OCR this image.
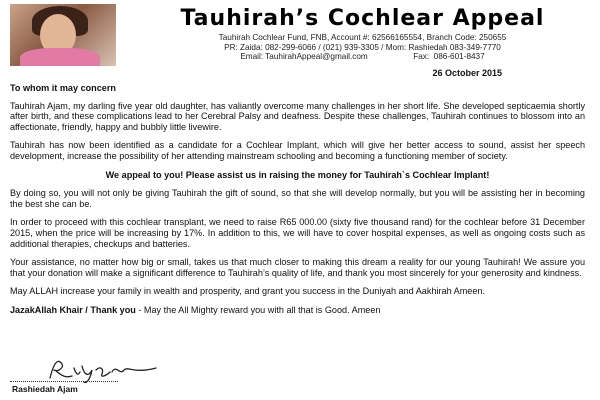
Tauhirah’s Cochlear Appeal
Tauhirah Cochlear Fund, FNB, Account #: 62566165554, Branch Code: 250655
PR: Zaida: 082-299-6066 / (021) 939-3305 / Mom: Rashiedah 083-349-7770
Email: TauhirahAppeal@gmail.com                    Fax:  086-601-8437
26 October 2015

To whom it may concern

Tauhirah Ajam, my darling five year old daughter, has valiantly overcome many challenges in her short life. She developed septicaemia shortly after birth, and these complications lead to her Cerebral Palsy and deafness. Despite these challenges, Tauhirah continues to blossom into an affectionate, friendly, happy and bubbly little livewire.

Tauhirah has now been identified as a candidate for a Cochlear Implant, which will give her better access to sound, assist her speech development, increase the possibility of her attending mainstream schooling and becoming a functioning member of society.

We appeal to you! Please assist us in raising the money for Tauhirah`s Cochlear Implant!

By doing so, you will not only be giving Tauhirah the gift of sound, so that she will develop normally, but you will be assisting her in becoming the best she can be.

In order to proceed with this cochlear transplant, we need to raise R65 000.00 (sixty five thousand rand) for the cochlear before 31 December 2015, when the price will be increasing by 17%. In addition to this, we will have to cover hospital expenses, as well as ongoing costs such as additional therapies, checkups and batteries.

Your assistance, no matter how big or small, takes us that much closer to making this dream a reality for our young Tauhirah! We assure you that your donation will make a significant difference to Tauhirah’s quality of life, and thank you most sincerely for your generosity and kindness.

May ALLAH increase your family in wealth and prosperity, and grant you success in the Duniyah and Aakhirah Ameen.

JazakAllah Khair / Thank you - May the All Mighty reward you with all that is Good. Ameen

Rashiedah Ajam
